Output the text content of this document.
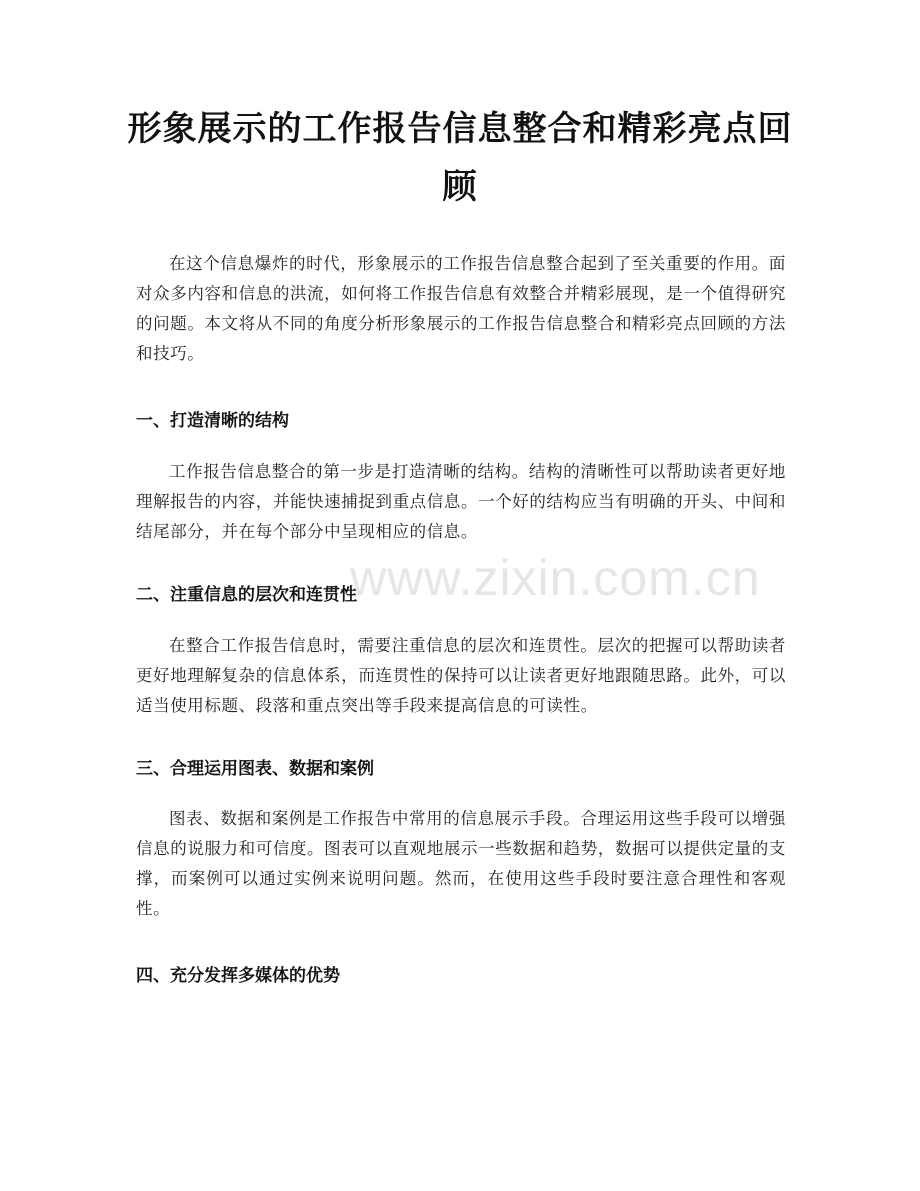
形象展示的工作报告信息整合和精彩亮点回顾

在这个信息爆炸的时代，形象展示的工作报告信息整合起到了至关重要的作用。面对众多内容和信息的洪流，如何将工作报告信息有效整合并精彩展现，是一个值得研究的问题。本文将从不同的角度分析形象展示的工作报告信息整合和精彩亮点回顾的方法和技巧。

一、打造清晰的结构

工作报告信息整合的第一步是打造清晰的结构。结构的清晰性可以帮助读者更好地理解报告的内容，并能快速捕捉到重点信息。一个好的结构应当有明确的开头、中间和结尾部分，并在每个部分中呈现相应的信息。

二、注重信息的层次和连贯性

在整合工作报告信息时，需要注重信息的层次和连贯性。层次的把握可以帮助读者更好地理解复杂的信息体系，而连贯性的保持可以让读者更好地跟随思路。此外，可以适当使用标题、段落和重点突出等手段来提高信息的可读性。

三、合理运用图表、数据和案例

图表、数据和案例是工作报告中常用的信息展示手段。合理运用这些手段可以增强信息的说服力和可信度。图表可以直观地展示一些数据和趋势，数据可以提供定量的支撑，而案例可以通过实例来说明问题。然而，在使用这些手段时要注意合理性和客观性。

四、充分发挥多媒体的优势
www.zixin.com.cn
